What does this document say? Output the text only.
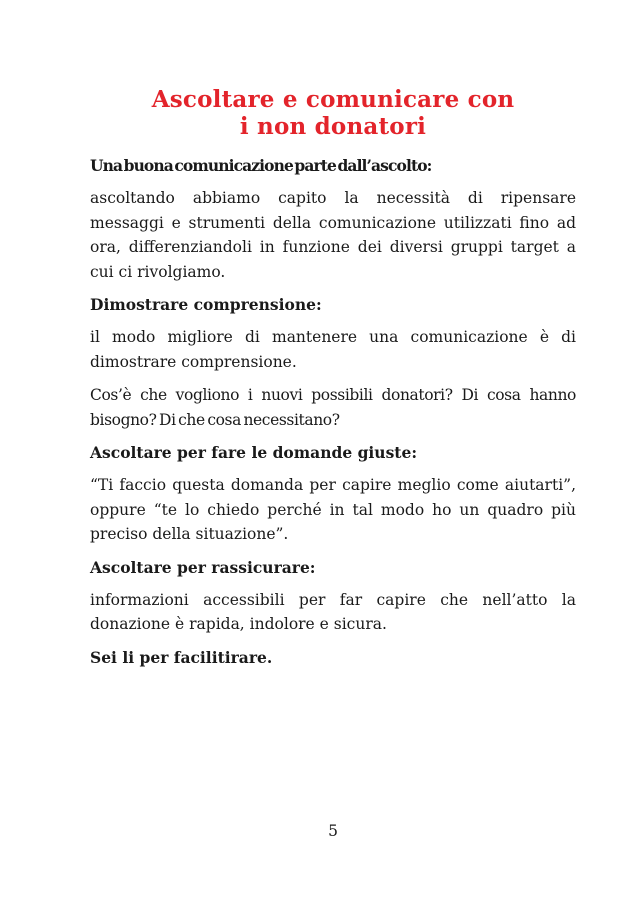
Ascoltare e comunicare con
i non donatori
Una buona comunicazione parte dall’ascolto:

ascoltando abbiamo capito la necessità di ripensare messaggi e strumenti della comunicazione utilizzati fino ad ora, differenziandoli in funzione dei diversi gruppi target a cui ci rivolgiamo.

Dimostrare comprensione:

il modo migliore di mantenere una comunicazione è di dimostrare comprensione.

Cos’è che vogliono i nuovi possibili donatori? Di cosa hanno bisogno? Di che cosa necessitano?

Ascoltare per fare le domande giuste:

“Ti faccio questa domanda per capire meglio come aiutarti”, oppure “te lo chiedo perché in tal modo ho un quadro più preciso della situazione”.

Ascoltare per rassicurare:

informazioni accessibili per far capire che nell’atto la donazione è rapida, indolore e sicura.

Sei li per facilitirare.
5
